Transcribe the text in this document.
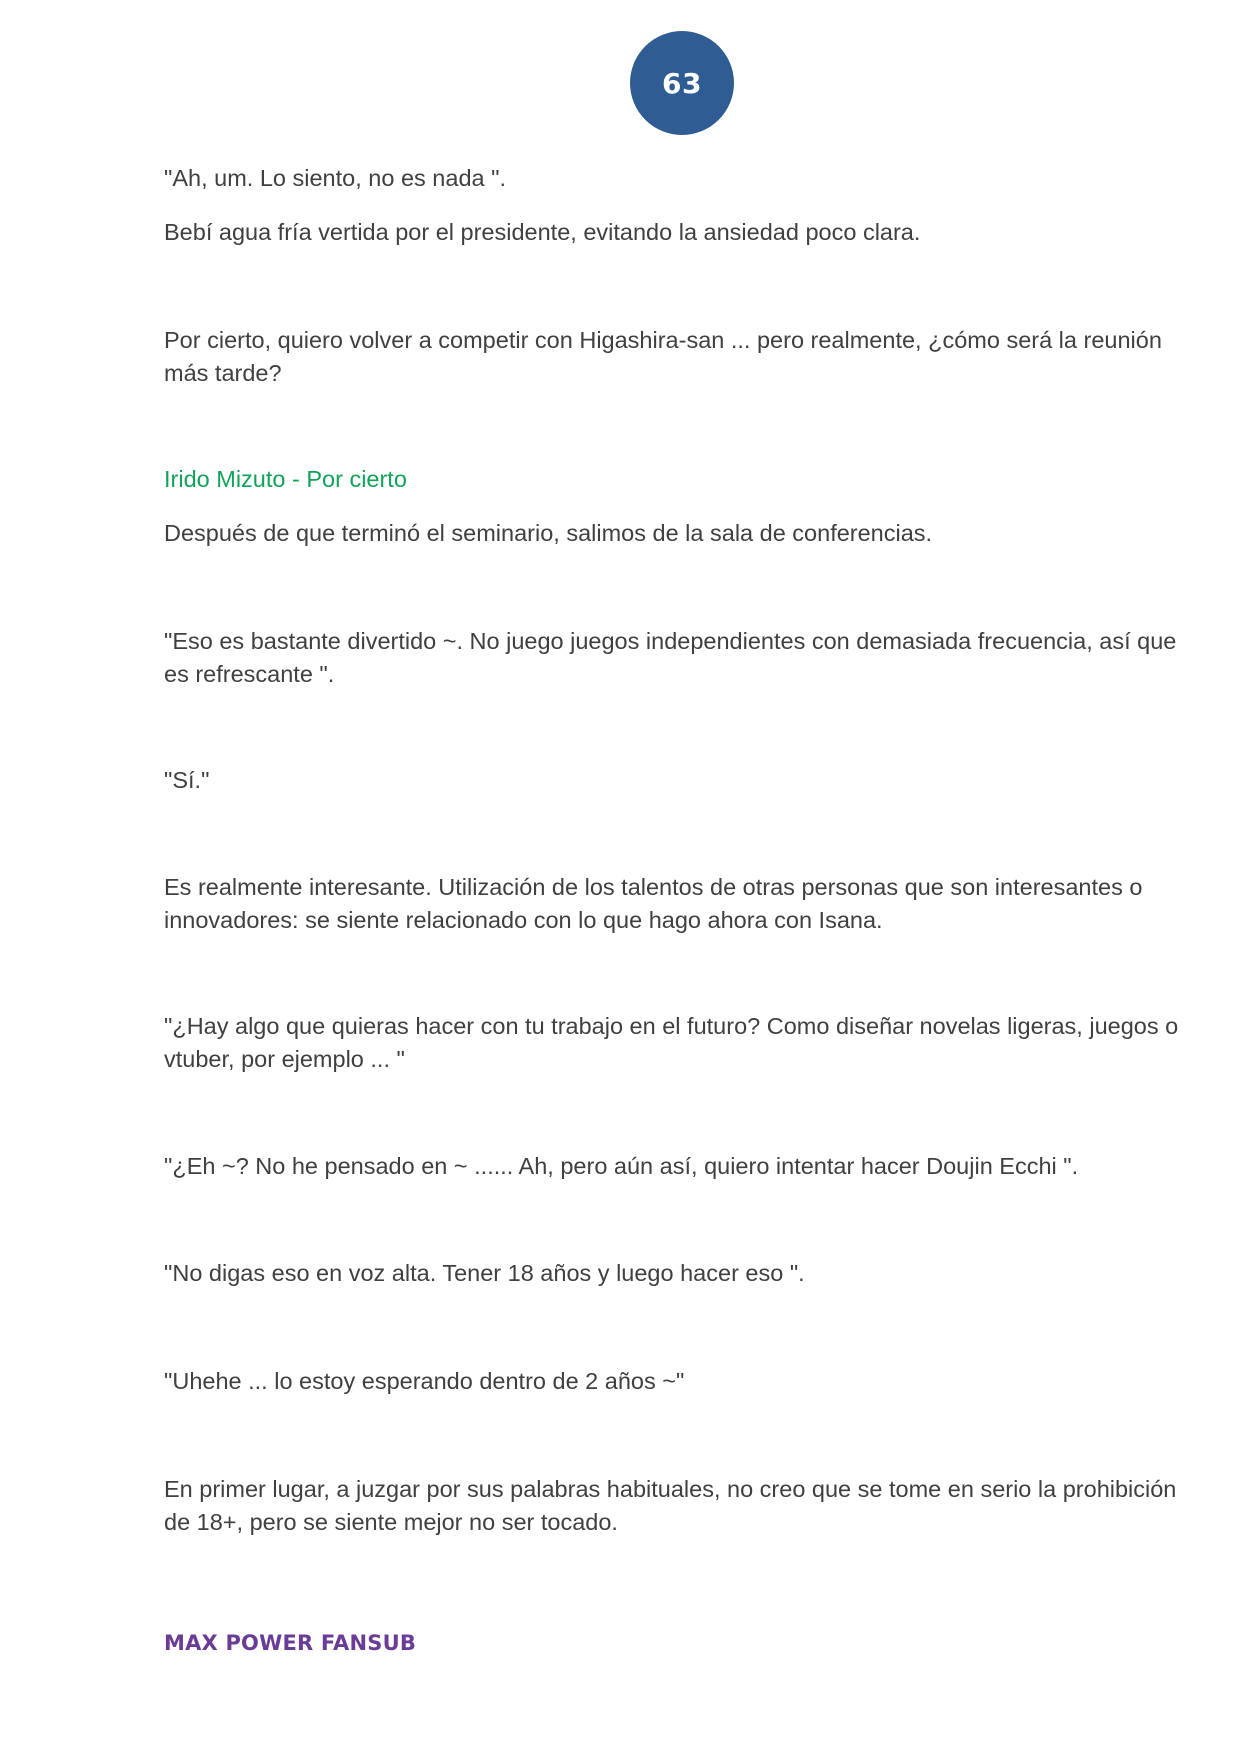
63

"Ah, um. Lo siento, no es nada ".

Bebí agua fría vertida por el presidente, evitando la ansiedad poco clara.

Por cierto, quiero volver a competir con Higashira-san ... pero realmente, ¿cómo será la reunión más tarde?

Irido Mizuto - Por cierto

Después de que terminó el seminario, salimos de la sala de conferencias.

"Eso es bastante divertido ~. No juego juegos independientes con demasiada frecuencia, así que es refrescante ".

"Sí."

Es realmente interesante. Utilización de los talentos de otras personas que son interesantes o innovadores: se siente relacionado con lo que hago ahora con Isana.

"¿Hay algo que quieras hacer con tu trabajo en el futuro? Como diseñar novelas ligeras, juegos o vtuber, por ejemplo ... "

"¿Eh ~? No he pensado en ~ ...... Ah, pero aún así, quiero intentar hacer Doujin Ecchi ".

"No digas eso en voz alta. Tener 18 años y luego hacer eso ".

"Uhehe ... lo estoy esperando dentro de 2 años ~"

En primer lugar, a juzgar por sus palabras habituales, no creo que se tome en serio la prohibición de 18+, pero se siente mejor no ser tocado.

MAX POWER FANSUB
